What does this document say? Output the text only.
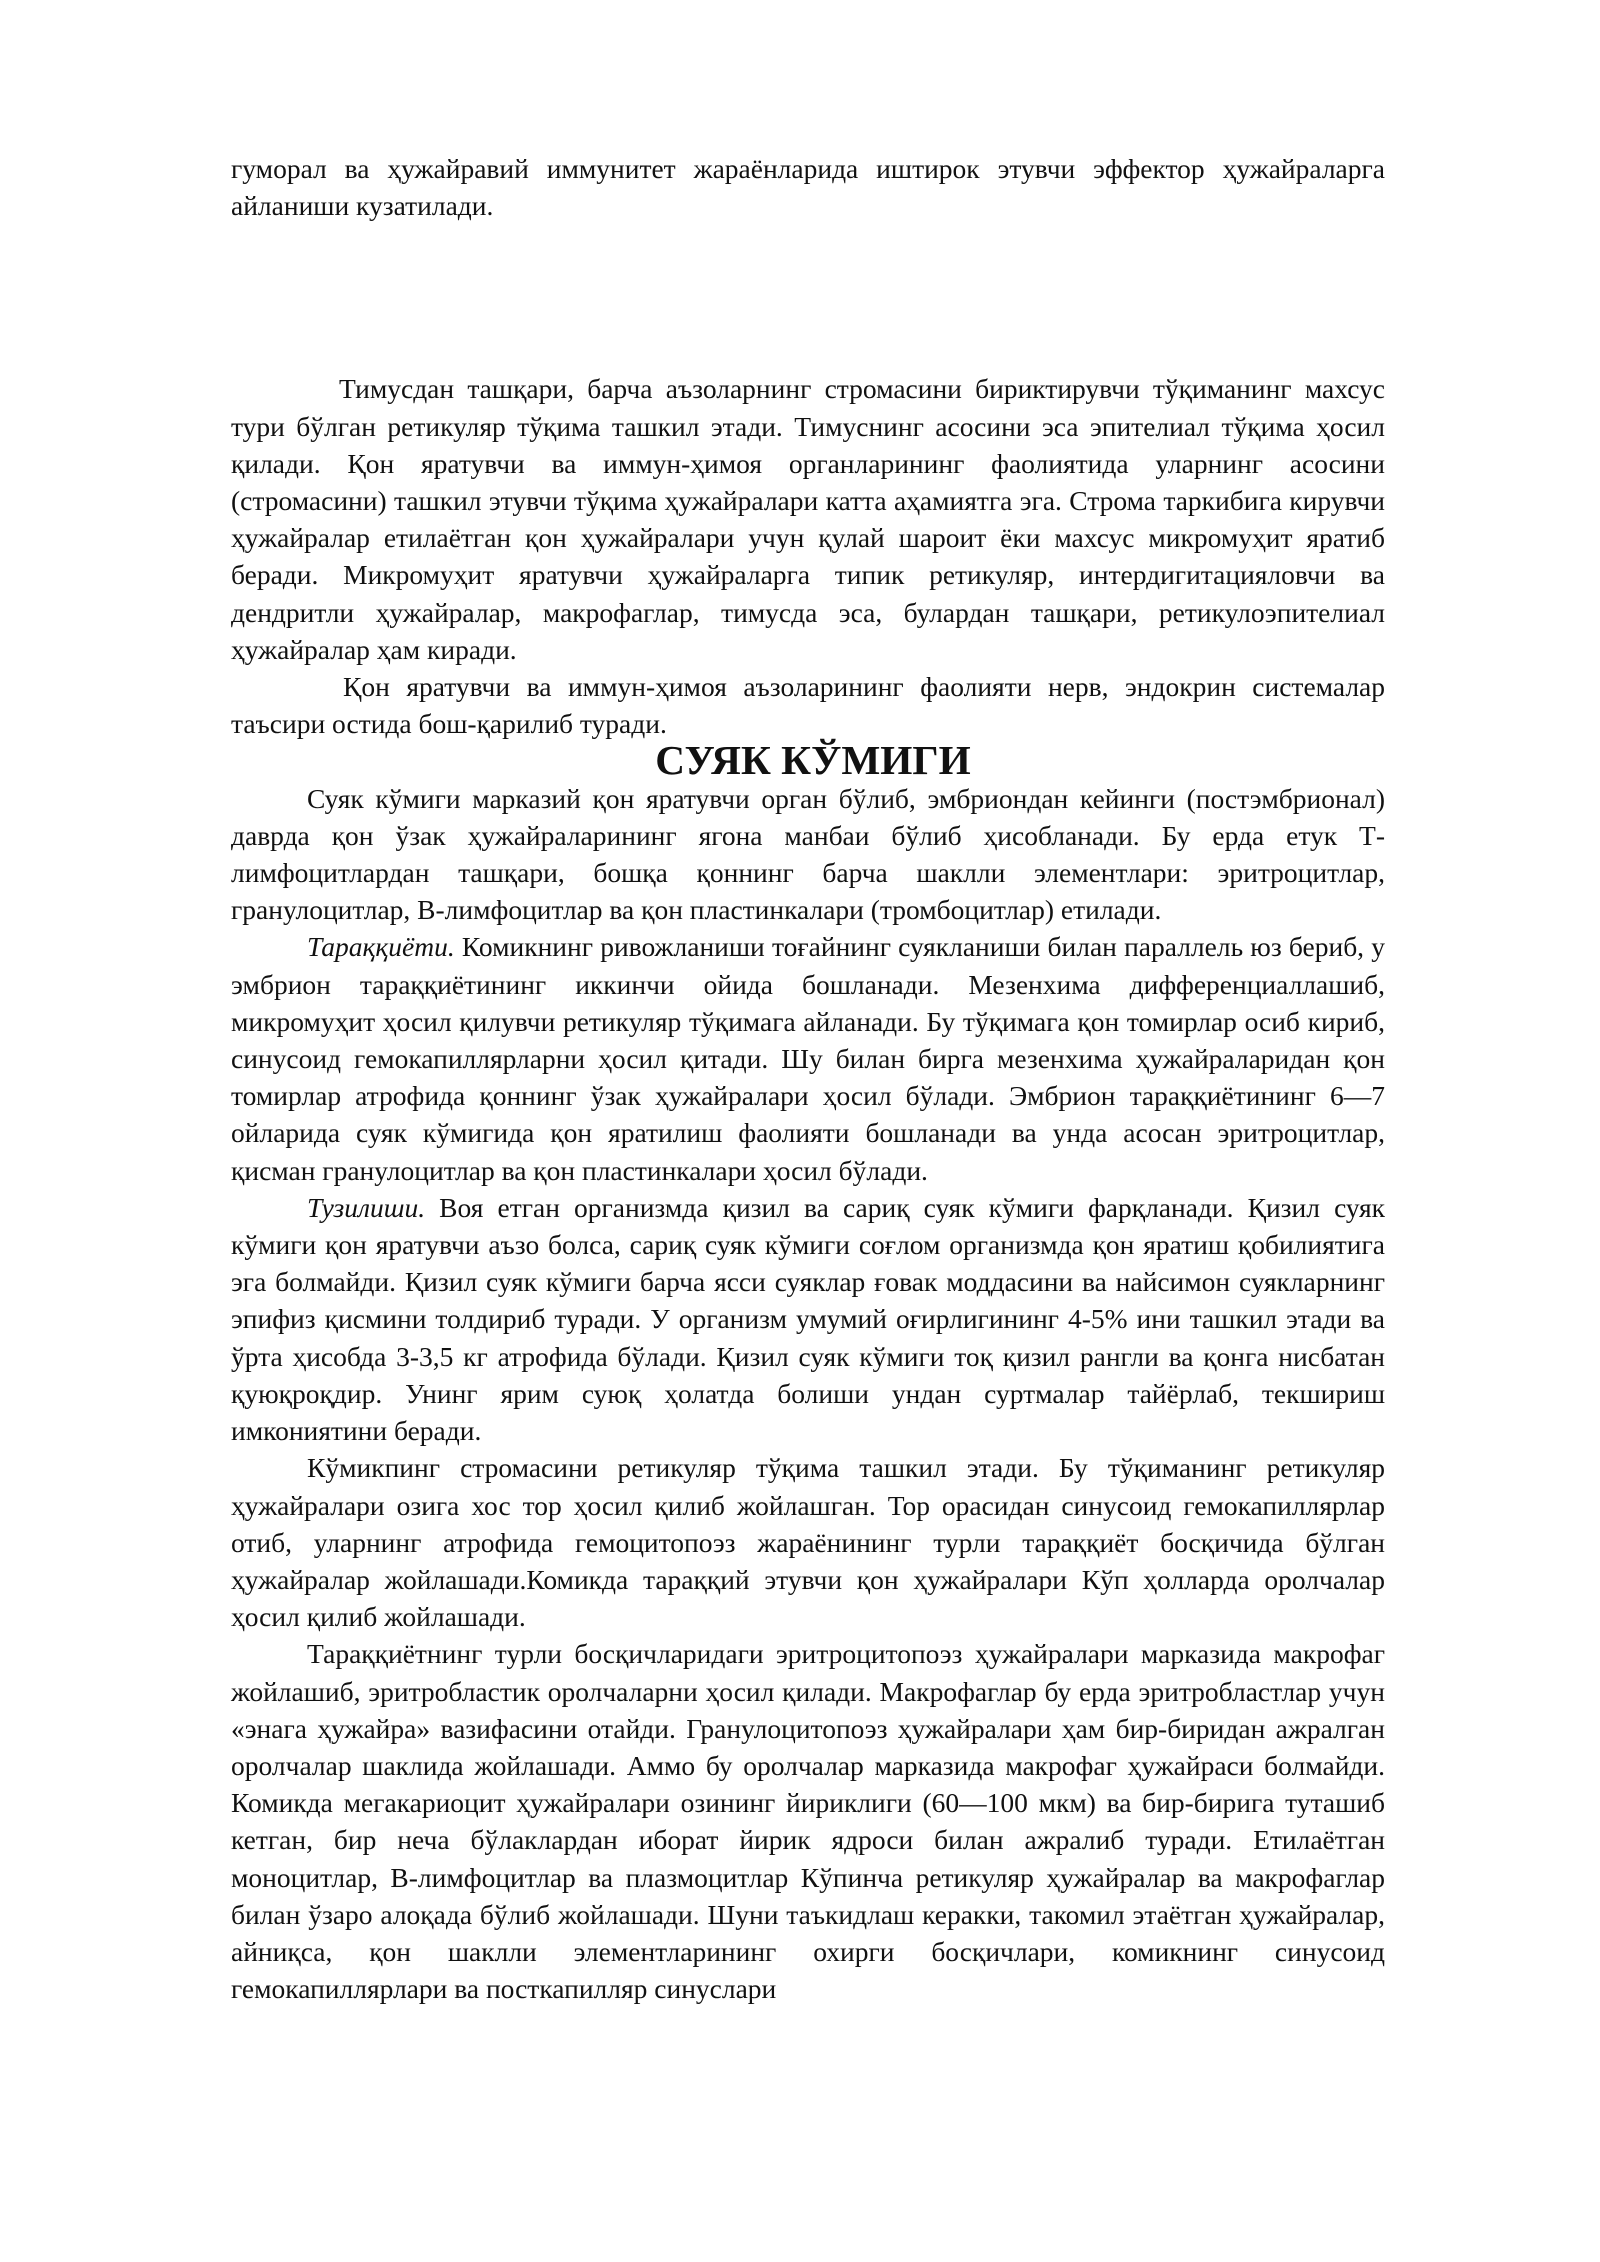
гуморал ва ҳужайравий иммунитет жараёнларида иштирок этувчи эффектор ҳужайраларга айланиши кузатилади.

Тимусдан ташқари, барча аъзоларнинг стромасини бириктирувчи тўқиманинг махсус тури бўлган ретикуляр тўқима ташкил этади. Тимуснинг асосини эса эпителиал тўқима ҳосил қилади. Қон яратувчи ва иммун-ҳимоя органларининг фаолиятида уларнинг асосини (стромасини) ташкил этувчи тўқима ҳужайралари катта аҳамиятга эга. Строма таркибига кирувчи ҳужайралар етилаётган қон ҳужайралари учун қулай шароит ёки махсус микромуҳит яратиб беради. Микромуҳит яратувчи ҳужайраларга типик ретикуляр, интердигитацияловчи ва дендритли ҳужайралар, макрофаглар, тимусда эса, булардан ташқари, ретикулоэпителиал ҳужайралар ҳам киради.

Қон яратувчи ва иммун-ҳимоя аъзоларининг фаолияти нерв, эндокрин системалар таъсири остида бош-қарилиб туради.

СУЯК КЎМИГИ

Суяк кўмиги марказий қон яратувчи орган бўлиб, эмбриондан кейинги (постэмбрионал) даврда қон ўзак ҳужайраларининг ягона манбаи бўлиб ҳисобланади. Бу ерда етук Т-лимфоцитлардан ташқари, бошқа қоннинг барча шаклли элементлари: эритроцитлар, гранулоцитлар, В-лимфоцитлар ва қон пластинкалари (тромбоцитлар) етилади.

Тараққиёти. Комикнинг ривожланиши тоғайнинг суякланиши билан параллель юз бериб, у эмбрион тараққиётининг иккинчи ойида бошланади. Мезенхима дифференциаллашиб, микромуҳит ҳосил қилувчи ретикуляр тўқимага айланади. Бу тўқимага қон томирлар осиб кириб, синусоид гемокапиллярларни ҳосил қитади. Шу билан бирга мезенхима ҳужайраларидан қон томирлар атрофида қоннинг ўзак ҳужайралари ҳосил бўлади. Эмбрион тараққиётининг 6—7 ойларида суяк кўмигида қон яратилиш фаолияти бошланади ва унда асосан эритроцитлар, қисман гранулоцитлар ва қон пластинкалари ҳосил бўлади.

Тузилиши. Воя етган организмда қизил ва сариқ суяк кўмиги фарқланади. Қизил суяк кўмиги қон яратувчи аъзо болса, сариқ суяк кўмиги соғлом организмда қон яратиш қобилиятига эга болмайди. Қизил суяк кўмиги барча ясси суяклар ғовак моддасини ва найсимон суякларнинг эпифиз қисмини толдириб туради. У организм умумий оғирлигининг 4-5% ини ташкил этади ва ўрта ҳисобда 3-3,5 кг атрофида бўлади. Қизил суяк кўмиги тоқ қизил рангли ва қонга нисбатан қуюқроқдир. Унинг ярим суюқ ҳолатда болиши ундан суртмалар тайёрлаб, текшириш имкониятини беради.

Кўмикпинг стромасини ретикуляр тўқима ташкил этади. Бу тўқиманинг ретикуляр ҳужайралари озига хос тор ҳосил қилиб жойлашган. Тор орасидан синусоид гемокапиллярлар отиб, уларнинг атрофида гемоцитопоэз жараёнининг турли тараққиёт босқичида бўлган ҳужайралар жойлашади.Комикда тараққий этувчи қон ҳужайралари Кўп ҳолларда оролчалар ҳосил қилиб жойлашади.

Тараққиётнинг турли босқичларидаги эритроцитопоэз ҳужайралари марказида макрофаг жойлашиб, эритробластик оролчаларни ҳосил қилади. Макрофаглар бу ерда эритробластлар учун «энага ҳужайра» вазифасини отайди. Гранулоцитопоэз ҳужайралари ҳам бир-биридан ажралган оролчалар шаклида жойлашади. Аммо бу оролчалар марказида макрофаг ҳужайраси болмайди. Комикда мегакариоцит ҳужайралари озининг йириклиги (60—100 мкм) ва бир-бирига туташиб кетган, бир неча бўлаклардан иборат йирик ядроси билан ажралиб туради. Етилаётган моноцитлар, В-лимфоцитлар ва плазмоцитлар Кўпинча ретикуляр ҳужайралар ва макрофаглар билан ўзаро алоқада бўлиб жойлашади. Шуни таъкидлаш керакки, такомил этаётган ҳужайралар, айниқса, қон шаклли элементларининг охирги босқичлари, комикнинг синусоид гемокапиллярлари ва посткапилляр синуслари
